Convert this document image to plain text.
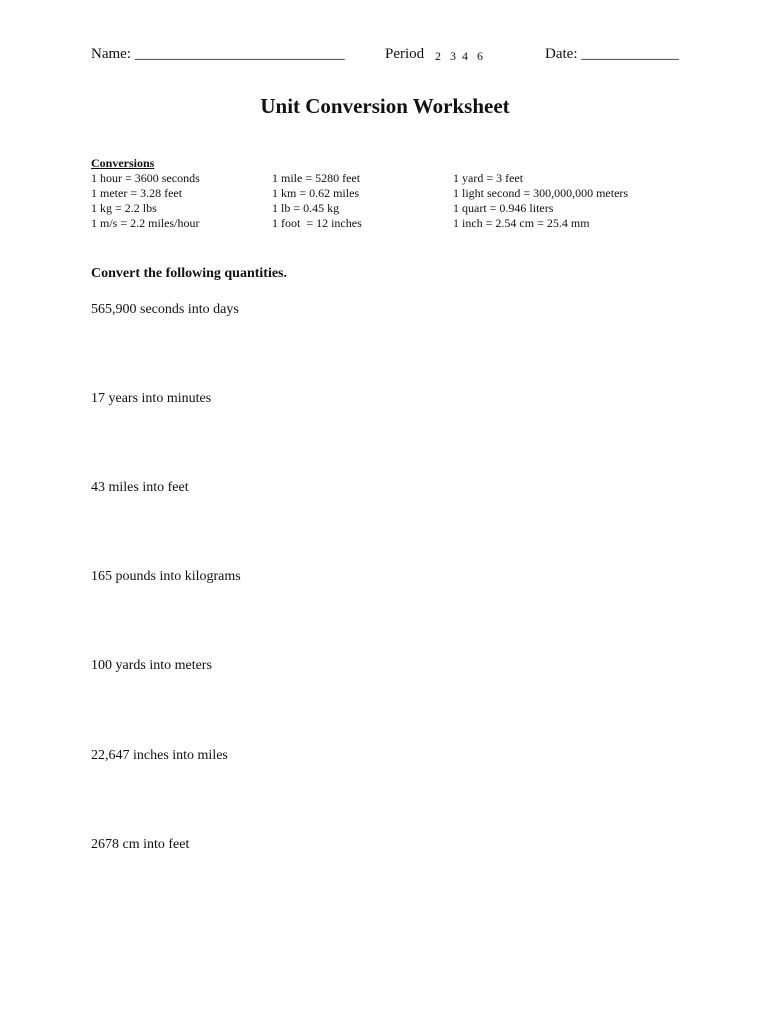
Name: ____________________________	Period 2   3  4   6	Date: _____________
Unit Conversion Worksheet
Conversions
1 hour = 3600 seconds
1 meter = 3.28 feet
1 kg = 2.2 lbs
1 m/s = 2.2 miles/hour
1 mile = 5280 feet
1 km = 0.62 miles
1 lb = 0.45 kg
1 foot  = 12 inches
1 yard = 3 feet
1 light second = 300,000,000 meters
1 quart = 0.946 liters
1 inch = 2.54 cm = 25.4 mm
Convert the following quantities.
565,900 seconds into days
17 years into minutes
43 miles into feet
165 pounds into kilograms
100 yards into meters
22,647 inches into miles
2678 cm into feet
